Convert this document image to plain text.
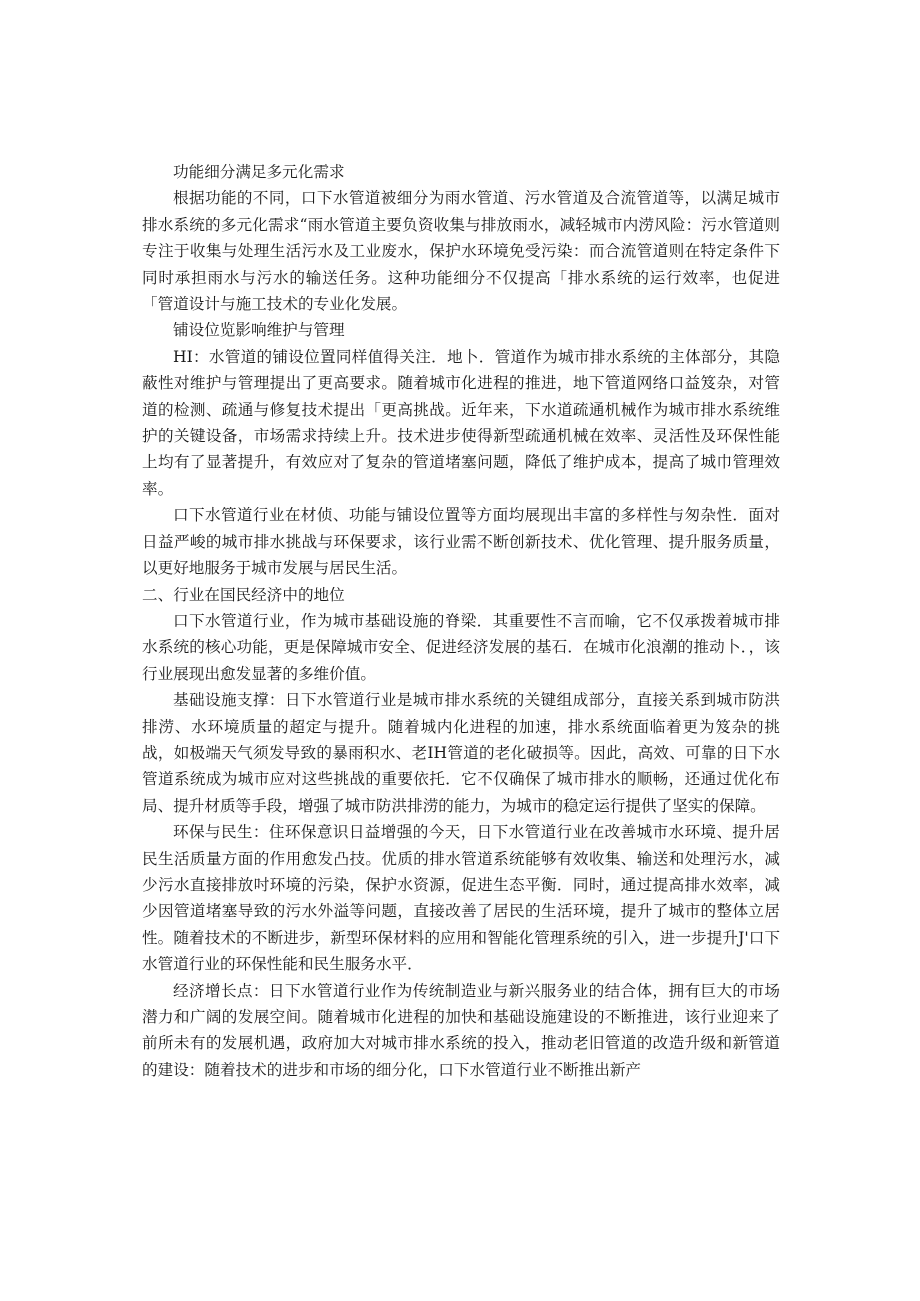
功能细分满足多元化需求

根据功能的不同，口下水管道被细分为雨水管道、污水管道及合流管道等，以满足城市排水系统的多元化需求“雨水管道主要负资收集与排放雨水，减轻城市内涝风险：污水管道则专注于收集与处理生活污水及工业废水，保护水环境免受污染：而合流管道则在特定条件下同时承担雨水与污水的输送任务。这种功能细分不仅提高「排水系统的运行效率，也促进「管道设计与施工技术的专业化发展。

铺设位览影响维护与管理

HI：水管道的铺设位置同样值得关注．地卜．管道作为城市排水系统的主体部分，其隐蔽性对维护与管理提出了更高要求。随着城市化进程的推进，地下管道网络口益笈杂，对管道的检测、疏通与修复技术提出「更高挑战。近年来，下水道疏通机械作为城市排水系统维护的关键设备，市场需求持续上升。技术进步使得新型疏通机械在效率、灵活性及环保性能上均有了显著提升，有效应对了复杂的管道堵塞问题，降低了维护成本，提高了城巾管理效率。

口下水管道行业在材侦、功能与铺设位置等方面均展现出丰富的多样性与匆杂性．面对日益严峻的城市排水挑战与环保要求，该行业需不断创新技术、优化管理、提升服务质量，以更好地服务于城市发展与居民生活。

二、行业在国民经济中的地位

口下水管道行业，作为城市基础设施的脊梁．其重要性不言而喻，它不仅承拨着城市排水系统的核心功能，更是保障城市安全、促进经济发展的基石．在城市化浪潮的推动卜．，该行业展现出愈发显著的多维价值。

基础设施支撑：日下水管道行业是城市排水系统的关键组成部分，直接关系到城市防洪排涝、水环境质量的超定与提升。随着城内化进程的加速，排水系统面临着更为笈杂的挑战，如极端天气须发导致的暴雨积水、老IH管道的老化破损等。因此，高效、可靠的日下水管道系统成为城市应对这些挑战的重要依托．它不仅确保了城市排水的顺畅，还通过优化布局、提升材质等手段，增强了城市防洪排涝的能力，为城市的稳定运行提供了坚实的保障。

环保与民生：住环保意识日益增强的今天，日下水管道行业在改善城市水环境、提升居民生活质量方面的作用愈发凸技。优质的排水管道系统能够有效收集、输送和处理污水，减少污水直接排放吋环境的污染，保护水资源，促进生态平衡．同时，通过提高排水效率，减少因管道堵塞导致的污水外溢等问题，直接改善了居民的生活环境，提升了城市的整体立居性。随着技术的不断进步，新型环保材料的应用和智能化管理系统的引入，进一步提升J'口下水管道行业的环保性能和民生服务水平．

经济增长点：日下水管道行业作为传统制造业与新兴服务业的结合体，拥有巨大的市场潜力和广阔的发展空间。随着城市化进程的加快和基础设施建设的不断推进，该行业迎来了前所未有的发展机遇，政府加大对城市排水系统的投入，推动老旧管道的改造升级和新管道的建设：随着技术的进步和市场的细分化，口下水管道行业不断推出新产
